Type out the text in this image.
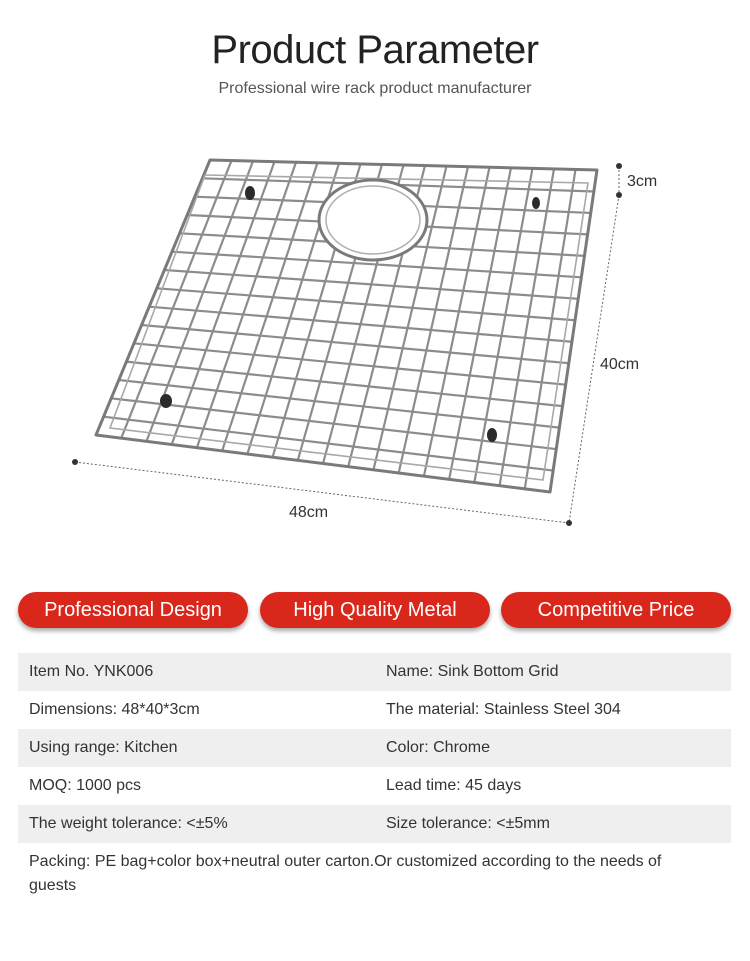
Product Parameter
Professional wire rack product manufacturer
3cm
40cm
48cm
Professional Design	High Quality Metal	Competitive Price
Item No. YNK006	Name: Sink Bottom Grid
Dimensions: 48*40*3cm	The material: Stainless Steel 304
Using range: Kitchen	Color: Chrome
MOQ: 1000 pcs	Lead time: 45 days
The weight tolerance: <±5%	Size tolerance: <±5mm
Packing: PE bag+color box+neutral outer carton.Or customized according to the needs of guests
